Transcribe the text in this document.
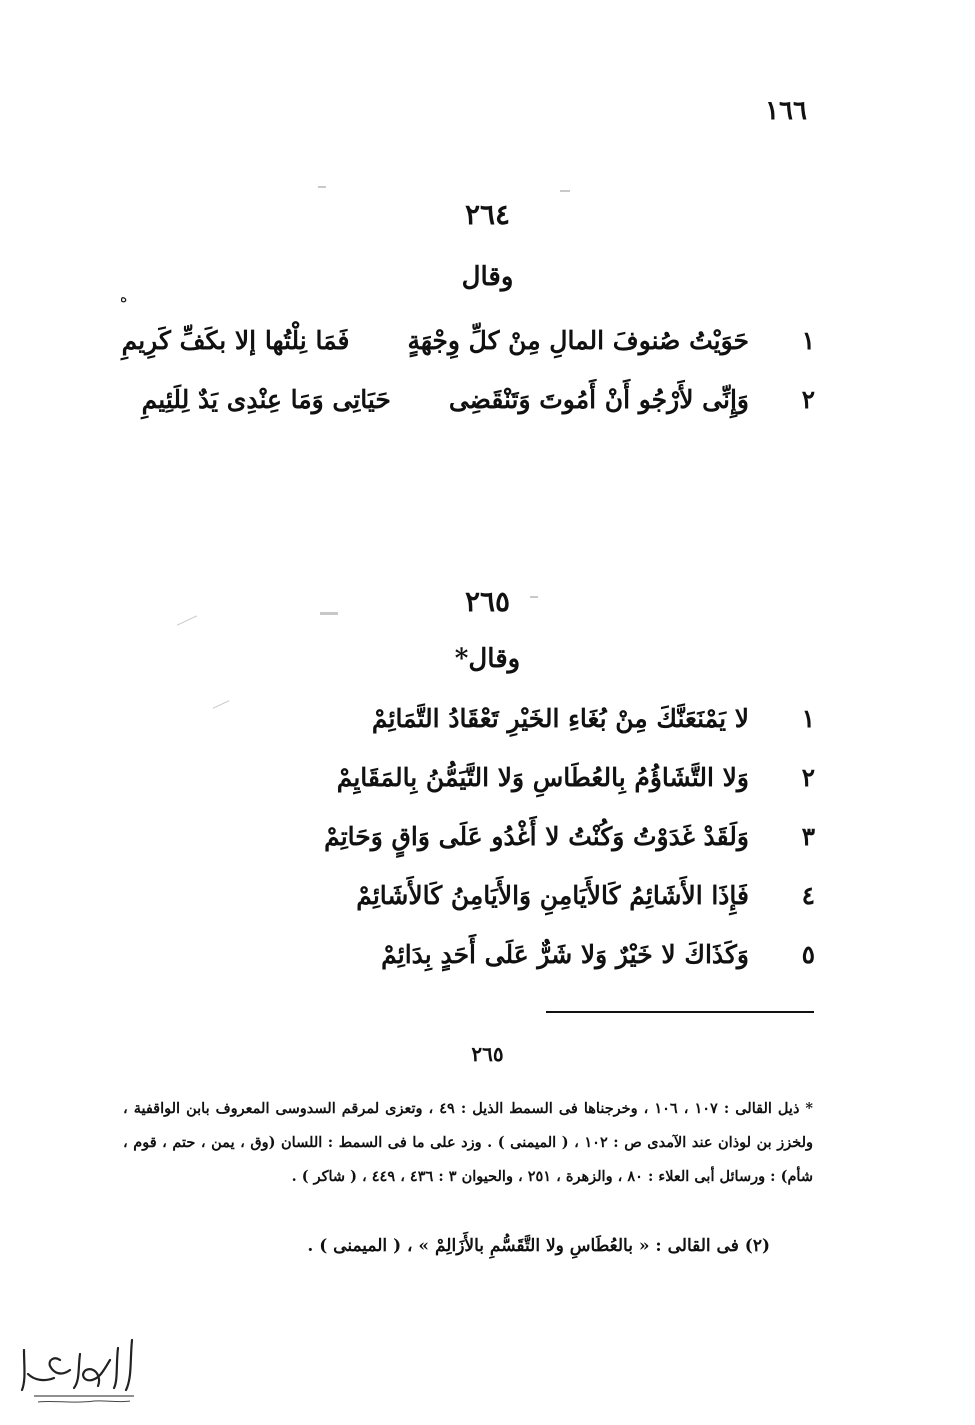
١٦٦
ه
٢٦٤
وقال
١حَوَيْتُ صُنوفَ المالِ مِنْ كلِّ وِجْهَةٍفَمَا نِلْتُها إلا بكَفِّ كَرِيمِ
٢وَإِنِّى لأَرْجُو أَنْ أَمُوتَ وَتَنْقَضِىحَيَاتِى وَمَا عِنْدِى يَدٌ لِلَئِيمِ
٢٦٥
وقال*
١لا يَمْنَعَنَّكَ مِنْ بُغَاءِ الخَيْرِ تَعْقَادُ التَّمَائِمْ
٢وَلا التَّشَاؤُمُ بِالعُطَاسِ وَلا التَّيَمُّنُ بِالمَقَايِمْ
٣وَلَقَدْ غَدَوْتُ وَكُنْتُ لا أَغْدُو عَلَى وَاقٍ وَحَاتِمْ
٤فَإِذَا الأَشَائِمُ كَالأَيَامِنِ وَالأَيَامِنُ كَالأَشَائِمْ
٥وَكَذَاكَ لا خَيْرٌ وَلا شَرٌّ عَلَى أَحَدٍ بِدَائِمْ
٢٦٥
* ذيل القالى : ١٠٧ ، ١٠٦ ، وخرجناها فى السمط الذيل : ٤٩ ، وتعزى لمرقم السدوسى المعروف بابن الواقفية ، ولخزز بن لوذان عند الآمدى ص : ١٠٢ ، ( الميمنى ) . وزد على ما فى السمط : اللسان (وق ، يمن ، حتم ، قوم ، شأم) : ورسائل أبى العلاء : ٨٠ ، والزهرة ، ٢٥١ ، والحيوان ٣ : ٤٣٦ ، ٤٤٩ ، ( شاكر ) .
(٢) فى القالى : « بالعُطَاسِ ولا التَّقَسُّمِ بالأَزَالِمْ » ، ( الميمنى ) .
